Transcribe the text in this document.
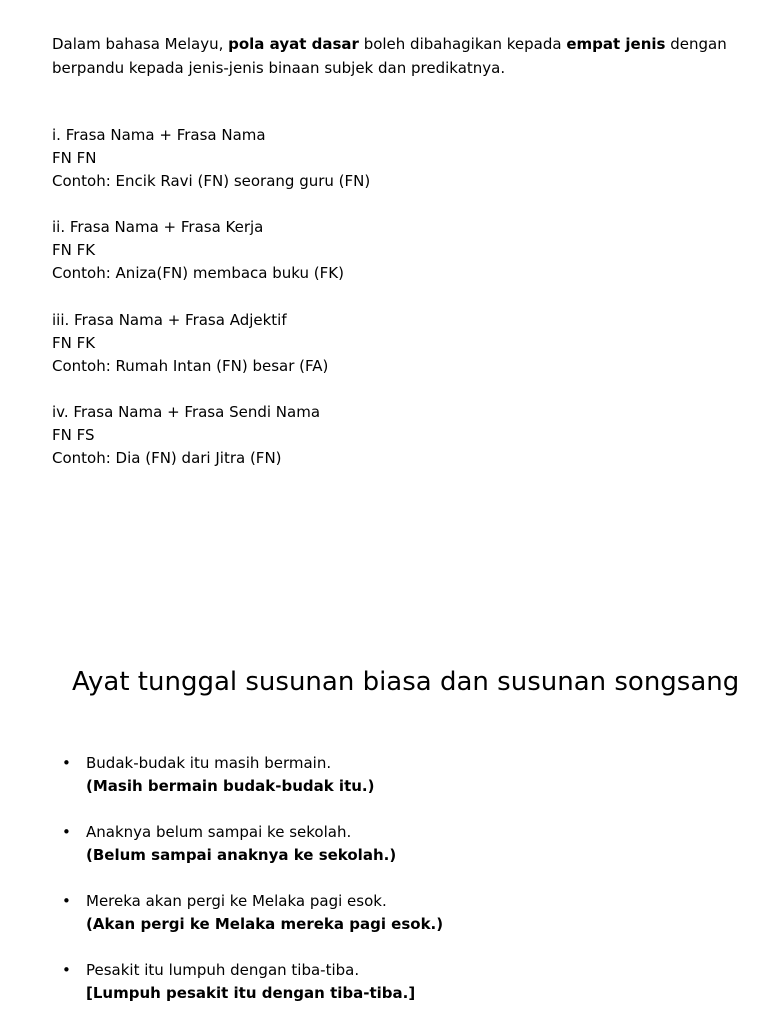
Dalam bahasa Melayu, pola ayat dasar boleh dibahagikan kepada empat jenis dengan berpandu kepada jenis-jenis binaan subjek dan predikatnya.

i. Frasa Nama + Frasa Nama
FN FN
Contoh: Encik Ravi (FN) seorang guru (FN)
ii. Frasa Nama + Frasa Kerja
FN FK
Contoh: Aniza(FN) membaca buku (FK)
iii. Frasa Nama + Frasa Adjektif
FN FK
Contoh: Rumah Intan (FN) besar (FA)
iv. Frasa Nama + Frasa Sendi Nama
FN FS
Contoh: Dia (FN) dari Jitra (FN)
Ayat tunggal susunan biasa dan susunan songsang
• Budak-budak itu masih bermain.
(Masih bermain budak-budak itu.)
• Anaknya belum sampai ke sekolah.
(Belum sampai anaknya ke sekolah.)
• Mereka akan pergi ke Melaka pagi esok.
(Akan pergi ke Melaka mereka pagi esok.)
• Pesakit itu lumpuh dengan tiba-tiba.
[Lumpuh pesakit itu dengan tiba-tiba.]
